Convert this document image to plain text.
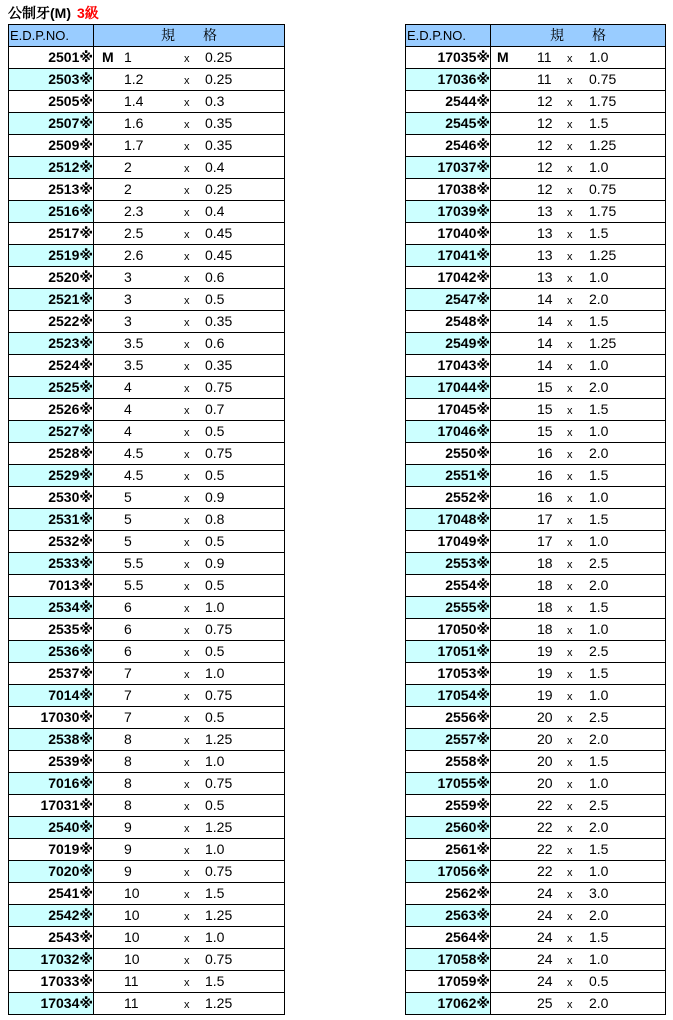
公制牙(M) 3級
E.D.P.NO.	規 格
2501※	M 1 x 0.25

2503※	1.2 x 0.25

2505※	1.4 x 0.3

2507※	1.6 x 0.35

2509※	1.7 x 0.35

2512※	2 x 0.4

2513※	2 x 0.25

2516※	2.3 x 0.4

2517※	2.5 x 0.45

2519※	2.6 x 0.45

2520※	3 x 0.6

2521※	3 x 0.5

2522※	3 x 0.35

2523※	3.5 x 0.6

2524※	3.5 x 0.35

2525※	4 x 0.75

2526※	4 x 0.7

2527※	4 x 0.5

2528※	4.5 x 0.75

2529※	4.5 x 0.5

2530※	5 x 0.9

2531※	5 x 0.8

2532※	5 x 0.5

2533※	5.5 x 0.9

7013※	5.5 x 0.5

2534※	6 x 1.0

2535※	6 x 0.75

2536※	6 x 0.5

2537※	7 x 1.0

7014※	7 x 0.75

17030※	7 x 0.5

2538※	8 x 1.25

2539※	8 x 1.0

7016※	8 x 0.75

17031※	8 x 0.5

2540※	9 x 1.25

7019※	9 x 1.0

7020※	9 x 0.75

2541※	10 x 1.5

2542※	10 x 1.25

2543※	10 x 1.0

17032※	10 x 0.75

17033※	11 x 1.5

17034※	11 x 1.25
E.D.P.NO.	規 格
17035※	M 11 x 1.0

17036※	11 x 0.75

2544※	12 x 1.75

2545※	12 x 1.5

2546※	12 x 1.25

17037※	12 x 1.0

17038※	12 x 0.75

17039※	13 x 1.75

17040※	13 x 1.5

17041※	13 x 1.25

17042※	13 x 1.0

2547※	14 x 2.0

2548※	14 x 1.5

2549※	14 x 1.25

17043※	14 x 1.0

17044※	15 x 2.0

17045※	15 x 1.5

17046※	15 x 1.0

2550※	16 x 2.0

2551※	16 x 1.5

2552※	16 x 1.0

17048※	17 x 1.5

17049※	17 x 1.0

2553※	18 x 2.5

2554※	18 x 2.0

2555※	18 x 1.5

17050※	18 x 1.0

17051※	19 x 2.5

17053※	19 x 1.5

17054※	19 x 1.0

2556※	20 x 2.5

2557※	20 x 2.0

2558※	20 x 1.5

17055※	20 x 1.0

2559※	22 x 2.5

2560※	22 x 2.0

2561※	22 x 1.5

17056※	22 x 1.0

2562※	24 x 3.0

2563※	24 x 2.0

2564※	24 x 1.5

17058※	24 x 1.0

17059※	24 x 0.5

17062※	25 x 2.0
